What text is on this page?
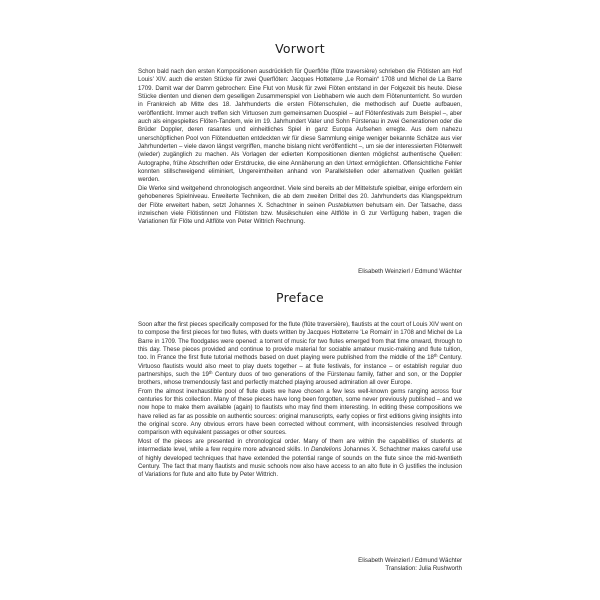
Vorwort

Schon bald nach den ersten Kompositionen ausdrücklich für Querflöte (flûte traversière) schrieben die Flötisten am Hof Louis' XIV. auch die ersten Stücke für zwei Querflöten: Jacques Hotteterre „Le Romain“ 1708 und Michel de La Barre 1709. Damit war der Damm gebrochen: Eine Flut von Musik für zwei Flöten entstand in der Folgezeit bis heute. Diese Stücke dienten und dienen dem geselligen Zusammenspiel von Liebhabern wie auch dem Flötenunterricht. So wurden in Frankreich ab Mitte des 18. Jahrhunderts die ersten Flötenschulen, die methodisch auf Duette aufbauen, veröffentlicht. Immer auch treffen sich Virtuosen zum gemeinsamen Duospiel – auf Flötenfestivals zum Beispiel –, aber auch als eingespieltes Flöten-Tandem, wie im 19. Jahrhundert Vater und Sohn Fürstenau in zwei Generationen oder die Brüder Doppler, deren rasantes und einheitliches Spiel in ganz Europa Aufsehen erregte. Aus dem nahezu unerschöpflichen Pool von Flötenduetten entdeckten wir für diese Sammlung einige weniger bekannte Schätze aus vier Jahrhunderten – viele davon längst vergriffen, manche bislang nicht veröffentlicht –, um sie der interessierten Flötenwelt (wieder) zugänglich zu machen. Als Vorlagen der edierten Kompositionen dienten möglichst authentische Quellen: Autographe, frühe Abschriften oder Erstdrucke, die eine Annäherung an den Urtext ermöglichten. Offensichtliche Fehler konnten stillschweigend eliminiert, Ungereimtheiten anhand von Parallelstellen oder alternativen Quellen geklärt werden.

Die Werke sind weitgehend chronologisch angeordnet. Viele sind bereits ab der Mittelstufe spielbar, einige erfordern ein gehobeneres Spielniveau. Erweiterte Techniken, die ab dem zweiten Drittel des 20. Jahrhunderts das Klangspektrum der Flöte erweitert haben, setzt Johannes X. Schachtner in seinen Pusteblumen behutsam ein. Der Tatsache, dass inzwischen viele Flötistinnen und Flötisten bzw. Musikschulen eine Altflöte in G zur Verfügung haben, tragen die Variationen für Flöte und Altflöte von Peter Wittrich Rechnung.

Elisabeth Weinzierl / Edmund Wächter
Preface

Soon after the first pieces specifically composed for the flute (flûte traversière), flautists at the court of Louis XIV went on to compose the first pieces for two flutes, with duets written by Jacques Hotteterre 'Le Romain' in 1708 and Michel de La Barre in 1709. The floodgates were opened: a torrent of music for two flutes emerged from that time onward, through to this day. These pieces provided and continue to provide material for sociable amateur music-making and flute tuition, too. In France the first flute tutorial methods based on duet playing were published from the middle of the 18th Century. Virtuoso flautists would also meet to play duets together – at flute festivals, for instance – or establish regular duo partnerships, such the 19th Century duos of two generations of the Fürstenau family, father and son, or the Doppler brothers, whose tremendously fast and perfectly matched playing aroused admiration all over Europe.

From the almost inexhaustible pool of flute duets we have chosen a few less well-known gems ranging across four centuries for this collection. Many of these pieces have long been forgotten, some never previously published – and we now hope to make them available (again) to flautists who may find them interesting. In editing these compositions we have relied as far as possible on authentic sources: original manuscripts, early copies or first editions giving insights into the original score. Any obvious errors have been corrected without comment, with inconsistencies resolved through comparison with equivalent passages or other sources.

Most of the pieces are presented in chronological order. Many of them are within the capabilities of students at intermediate level, while a few require more advanced skills. In Dandelions Johannes X. Schachtner makes careful use of highly developed techniques that have extended the potential range of sounds on the flute since the mid-twentieth Century. The fact that many flautists and music schools now also have access to an alto flute in G justifies the inclusion of Variations for flute and alto flute by Peter Wittrich.

Elisabeth Weinzierl / Edmund Wächter
Translation: Julia Rushworth
